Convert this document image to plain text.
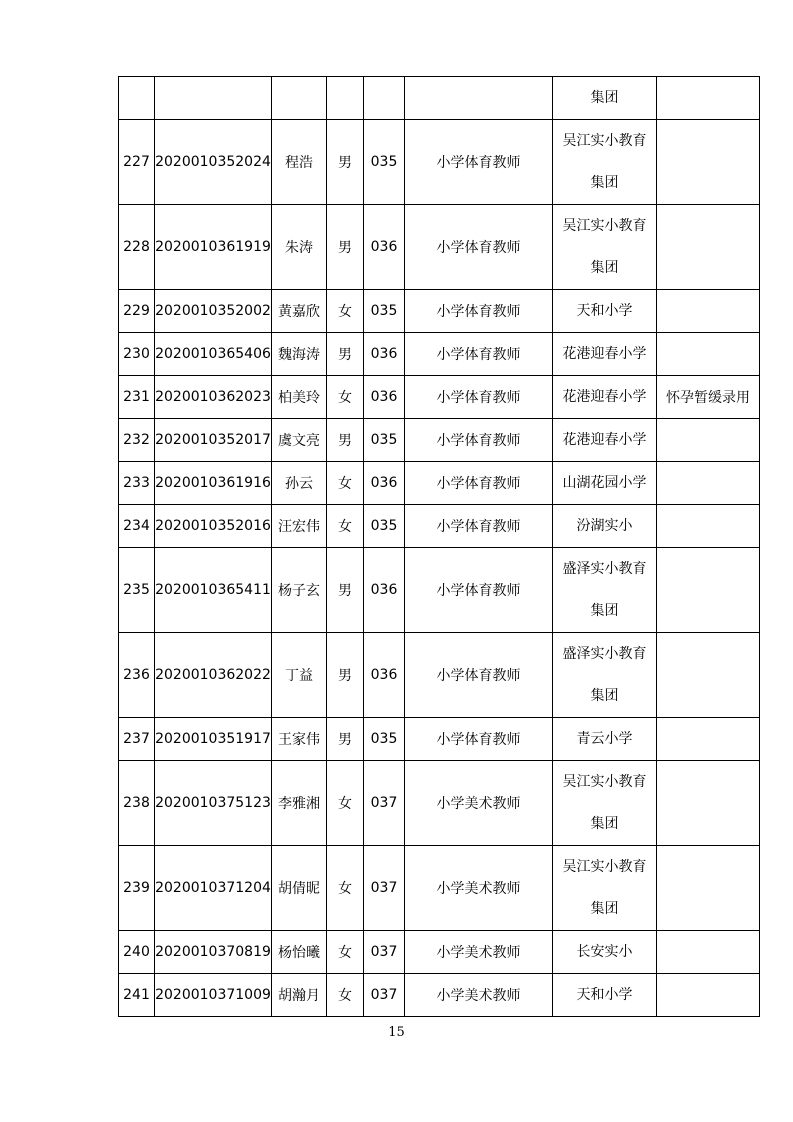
						集团	

227	2020010352024	程浩	男	035	小学体育教师	吴江实小教育
集团	

228	2020010361919	朱涛	男	036	小学体育教师	吴江实小教育
集团	

229	2020010352002	黄嘉欣	女	035	小学体育教师	天和小学	

230	2020010365406	魏海涛	男	036	小学体育教师	花港迎春小学	

231	2020010362023	柏美玲	女	036	小学体育教师	花港迎春小学	怀孕暂缓录用
232	2020010352017	虞文亮	男	035	小学体育教师	花港迎春小学	

233	2020010361916	孙云	女	036	小学体育教师	山湖花园小学	

234	2020010352016	汪宏伟	女	035	小学体育教师	汾湖实小	

235	2020010365411	杨子玄	男	036	小学体育教师	盛泽实小教育
集团	

236	2020010362022	丁益	男	036	小学体育教师	盛泽实小教育
集团	

237	2020010351917	王家伟	男	035	小学体育教师	青云小学	

238	2020010375123	李雅湘	女	037	小学美术教师	吴江实小教育
集团	

239	2020010371204	胡倩昵	女	037	小学美术教师	吴江实小教育
集团	

240	2020010370819	杨怡曦	女	037	小学美术教师	长安实小	

241	2020010371009	胡瀚月	女	037	小学美术教师	天和小学	

15
